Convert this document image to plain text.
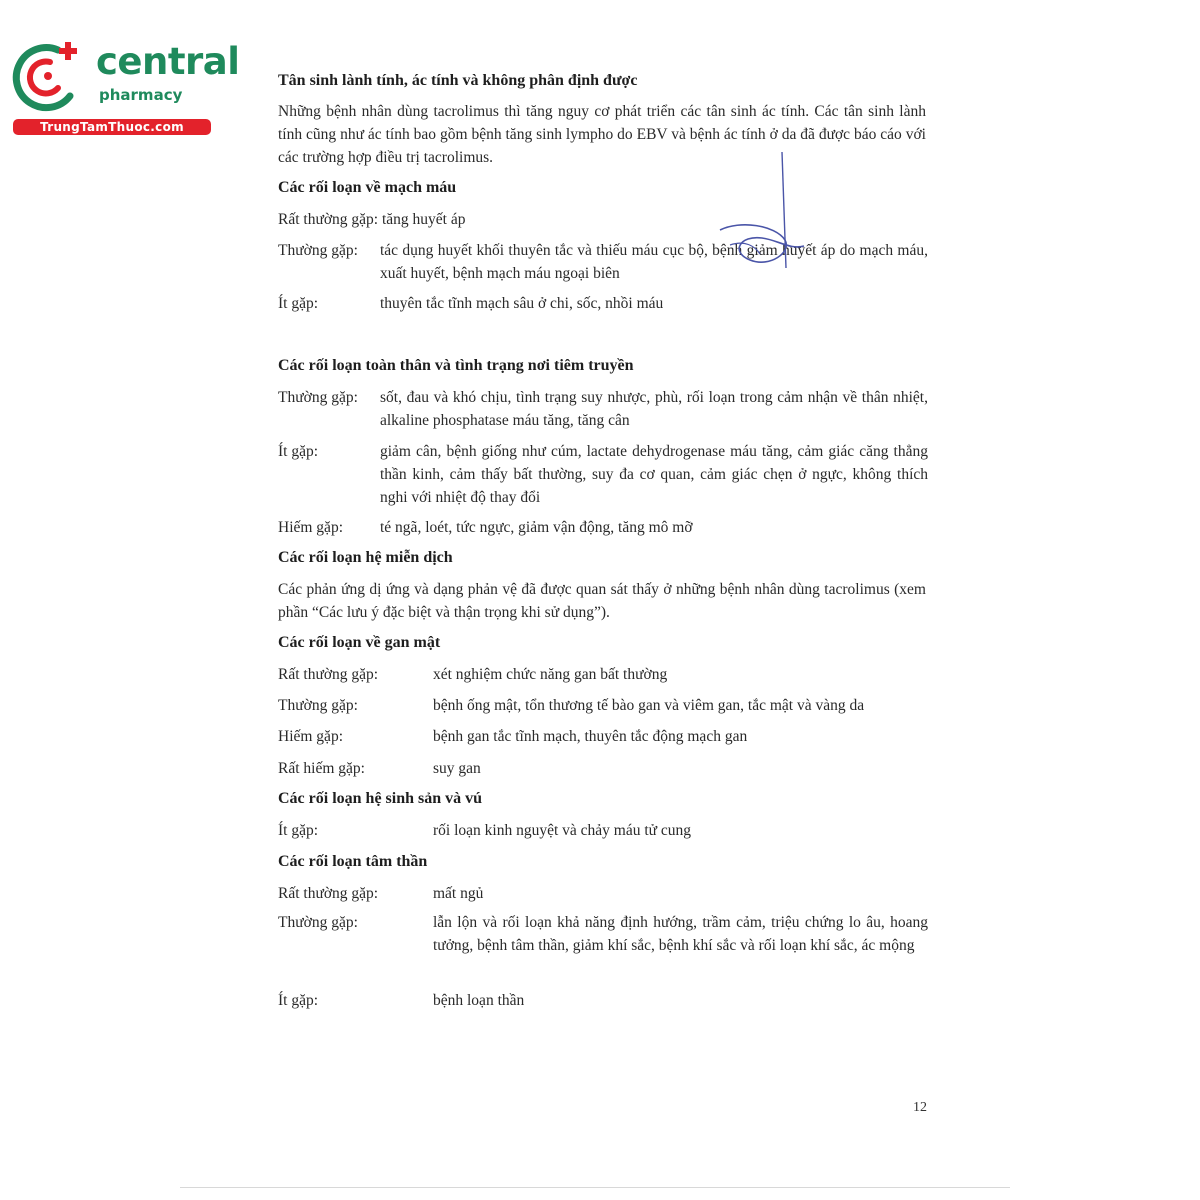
central
pharmacy
TrungTamThuoc.com
Tân sinh lành tính, ác tính và không phân định được
Những bệnh nhân dùng tacrolimus thì tăng nguy cơ phát triển các tân sinh ác tính. Các tân sinh lành tính cũng như ác tính bao gồm bệnh tăng sinh lympho do EBV và bệnh ác tính ở da đã được báo cáo với các trường hợp điều trị tacrolimus.
Các rối loạn về mạch máu
Rất thường gặp: tăng huyết áp
Thường gặp: tác dụng huyết khối thuyên tắc và thiếu máu cục bộ, bệnh giảm huyết áp do mạch máu, xuất huyết, bệnh mạch máu ngoại biên
Ít gặp:	thuyên tắc tĩnh mạch sâu ở chi, sốc, nhồi máu
Các rối loạn toàn thân và tình trạng nơi tiêm truyền
Thường gặp: sốt, đau và khó chịu, tình trạng suy nhược, phù, rối loạn trong cảm nhận về thân nhiệt, alkaline phosphatase máu tăng, tăng cân
Ít gặp:	giảm cân, bệnh giống như cúm, lactate dehydrogenase máu tăng, cảm giác căng thẳng thần kinh, cảm thấy bất thường, suy đa cơ quan, cảm giác chẹn ở ngực, không thích nghi với nhiệt độ thay đổi
Hiếm gặp: té ngã, loét, tức ngực, giảm vận động, tăng mô mỡ
Các rối loạn hệ miễn dịch
Các phản ứng dị ứng và dạng phản vệ đã được quan sát thấy ở những bệnh nhân dùng tacrolimus (xem phần “Các lưu ý đặc biệt và thận trọng khi sử dụng”).
Các rối loạn về gan mật
Rất thường gặp:	xét nghiệm chức năng gan bất thường
Thường gặp:	bệnh ống mật, tổn thương tế bào gan và viêm gan, tắc mật và vàng da
Hiếm gặp:	bệnh gan tắc tĩnh mạch, thuyên tắc động mạch gan
Rất hiếm gặp:	suy gan
Các rối loạn hệ sinh sản và vú
Ít gặp:	rối loạn kinh nguyệt và chảy máu tử cung
Các rối loạn tâm thần
Rất thường gặp:	mất ngủ
Thường gặp:	lẫn lộn và rối loạn khả năng định hướng, trầm cảm, triệu chứng lo âu, hoang tưởng, bệnh tâm thần, giảm khí sắc, bệnh khí sắc và rối loạn khí sắc, ác mộng
Ít gặp:	bệnh loạn thần
12
